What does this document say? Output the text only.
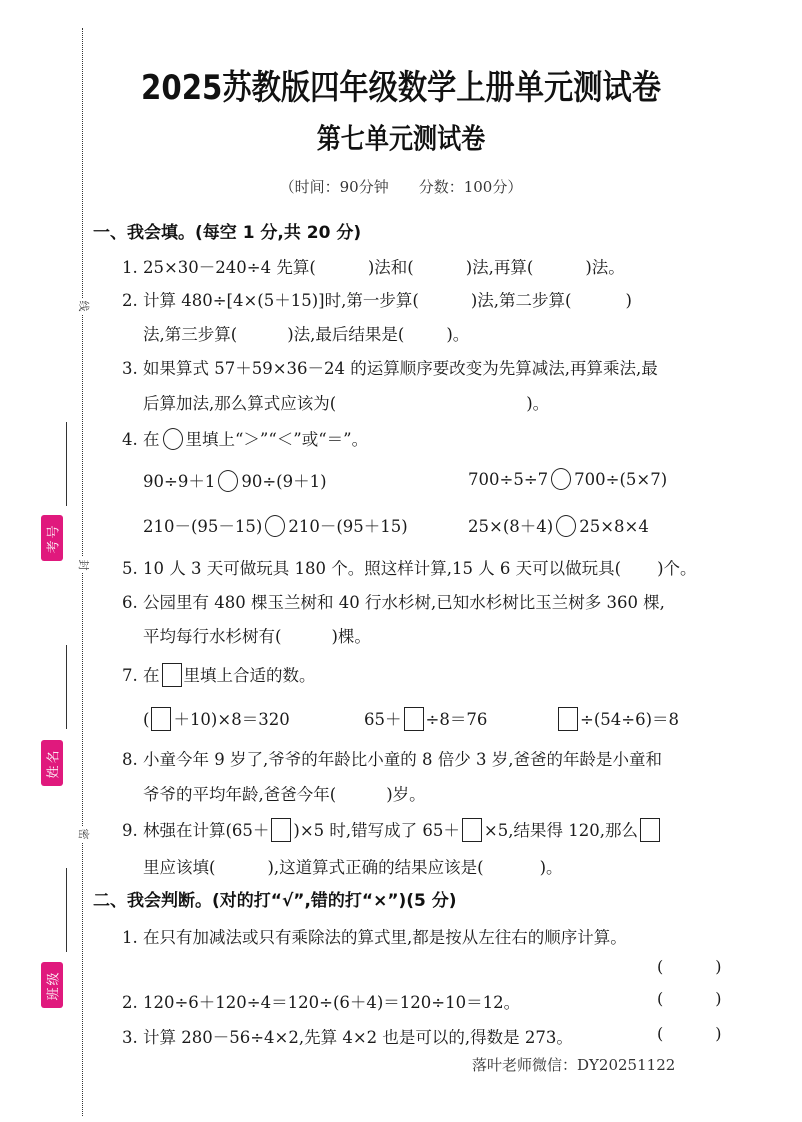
线
封
密
考号
姓名
班级
2025苏教版四年级数学上册单元测试卷
第七单元测试卷
（时间：90分钟 分数：100分）
一、我会填。(每空 1 分,共 20 分)
1. 25×30－240÷4 先算(	)法和(	)法,再算(	)法。
2. 计算 480÷[4×(5＋15)]时,第一步算(	)法,第二步算(	)
法,第三步算(	)法,最后结果是(	)。
3. 如果算式 57＋59×36－24 的运算顺序要改变为先算减法,再算乘法,最
后算加法,那么算式应该为(	)。
4. 在 里填上“＞”“＜”或“＝”。
90÷9＋1 90÷(9＋1)	700÷5÷7 700÷(5×7)
210－(95－15) 210－(95＋15)	25×(8＋4) 25×8×4
5. 10 人 3 天可做玩具 180 个。照这样计算,15 人 6 天可以做玩具( )个。
6. 公园里有 480 棵玉兰树和 40 行水杉树,已知水杉树比玉兰树多 360 棵,
平均每行水杉树有(	)棵。
7. 在 里填上合适的数。
( ＋10)×8＝320	65＋ ÷8＝76	÷(54÷6)＝8
8. 小童今年 9 岁了,爷爷的年龄比小童的 8 倍少 3 岁,爸爸的年龄是小童和
爷爷的平均年龄,爸爸今年(	)岁。
9. 林强在计算(65＋ )×5 时,错写成了 65＋ ×5,结果得 120,那么
里应该填(	),这道算式正确的结果应该是(	)。
二、我会判断。(对的打“√”,错的打“×”)(5 分)
1. 在只有加减法或只有乘除法的算式里,都是按从左往右的顺序计算。
(	)
2. 120÷6＋120÷4＝120÷(6＋4)＝120÷10＝12。	(	)
3. 计算 280－56÷4×2,先算 4×2 也是可以的,得数是 273。	(	)
落叶老师微信：DY20251122
